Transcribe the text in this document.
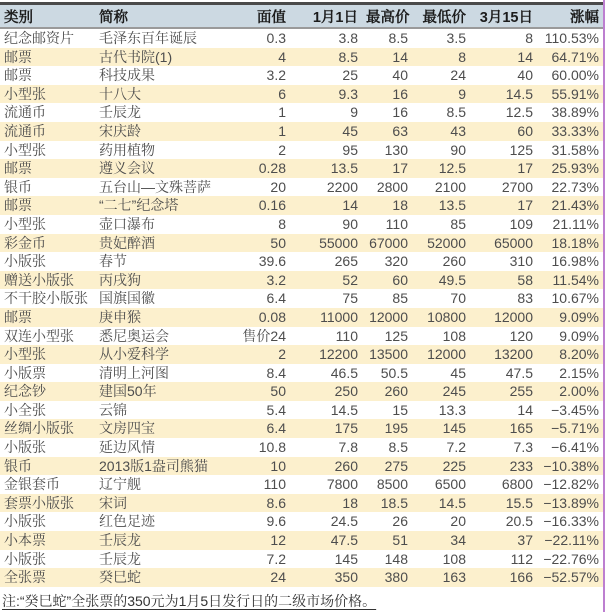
类别	简称	面值	1月1日	最高价	最低价	3月15日	涨幅
纪念邮资片	毛泽东百年诞辰	0.3	3.8	8.5	3.5	8	110.53%
邮票	古代书院(1)	4	8.5	14	8	14	64.71%
邮票	科技成果	3.2	25	40	24	40	60.00%
小型张	十八大	6	9.3	16	9	14.5	55.91%
流通币	壬辰龙	1	9	16	8.5	12.5	38.89%
流通币	宋庆龄	1	45	63	43	60	33.33%
小型张	药用植物	2	95	130	90	125	31.58%
邮票	遵义会议	0.28	13.5	17	12.5	17	25.93%
银币	五台山—文殊菩萨	20	2200	2800	2100	2700	22.73%
邮票	“二七”纪念塔	0.16	14	18	13.5	17	21.43%
小型张	壶口瀑布	8	90	110	85	109	21.11%
彩金币	贵妃醉酒	50	55000	67000	52000	65000	18.18%
小版张	春节	39.6	265	320	260	310	16.98%
赠送小版张	丙戌狗	3.2	52	60	49.5	58	11.54%
不干胶小版张	国旗国徽	6.4	75	85	70	83	10.67%
邮票	庚申猴	0.08	11000	12000	10800	12000	9.09%
双连小型张	悉尼奥运会	售价24	110	125	108	120	9.09%
小型张	从小爱科学	2	12200	13500	12000	13200	8.20%
小版票	清明上河图	8.4	46.5	50.5	45	47.5	2.15%
纪念钞	建国50年	50	250	260	245	255	2.00%
小全张	云锦	5.4	14.5	15	13.3	14	−3.45%
丝绸小版张	文房四宝	6.4	175	195	145	165	−5.71%
小版张	延边风情	10.8	7.8	8.5	7.2	7.3	−6.41%
银币	2013版1盎司熊猫	10	260	275	225	233	−10.38%
金银套币	辽宁舰	110	7800	8500	6500	6800	−12.82%
套票小版张	宋词	8.6	18	18.5	14.5	15.5	−13.89%
小版张	红色足迹	9.6	24.5	26	20	20.5	−16.33%
小本票	壬辰龙	12	47.5	51	34	37	−22.11%
小版张	壬辰龙	7.2	145	148	108	112	−22.76%
全张票	癸巳蛇	24	350	380	163	166	−52.57%
注:“癸巳蛇”全张票的350元为1月5日发行日的二级市场价格。
